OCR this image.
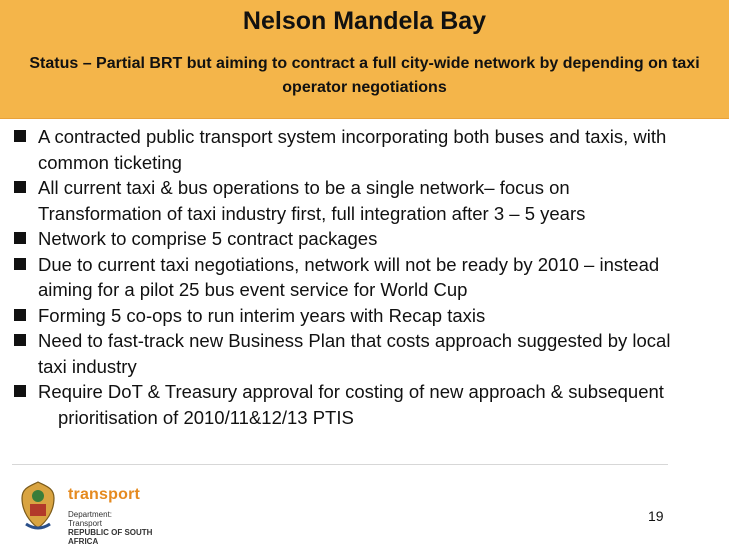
Nelson Mandela Bay
Status – Partial BRT but aiming to contract a full city-wide network by depending on taxi operator negotiations
A contracted public transport system incorporating both buses and taxis, with common ticketing
All current taxi & bus operations to be a single network– focus on Transformation of taxi industry first, full integration after 3 – 5 years
Network to comprise 5 contract packages
Due to current taxi negotiations, network will not be ready by 2010 – instead aiming for a pilot 25 bus event service for World Cup
Forming 5 co-ops to run interim years with Recap taxis
Need to fast-track new Business Plan that costs approach suggested by local taxi industry
Require DoT & Treasury approval for costing of new approach & subsequent prioritisation of 2010/11&12/13 PTIS
transport
Department:
Transport
REPUBLIC OF SOUTH AFRICA
19
